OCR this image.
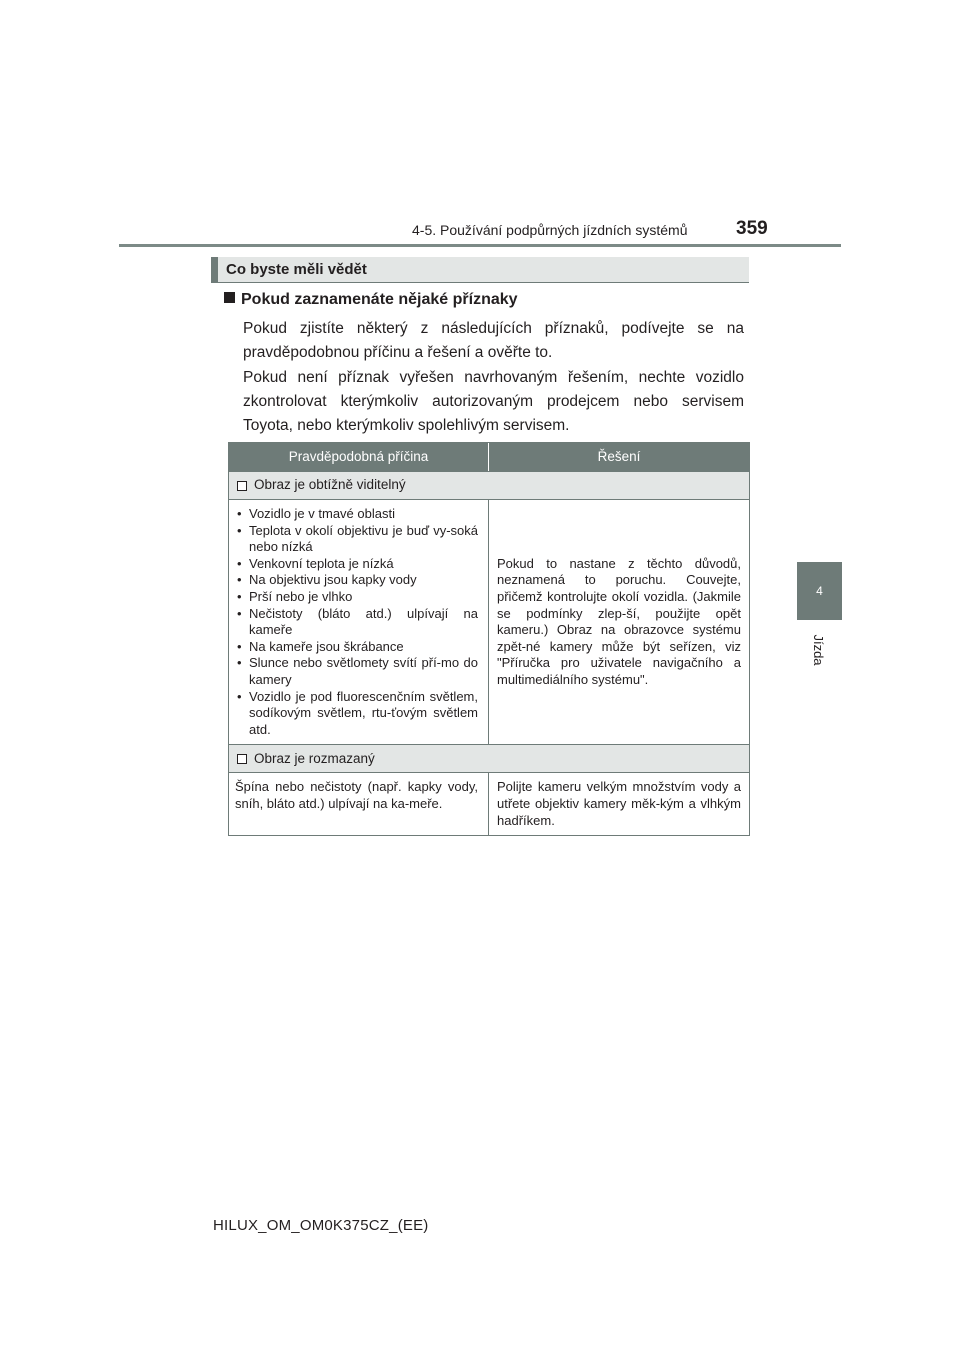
4-5. Používání podpůrných jízdních systémů	359
4
Jízda
Co byste měli vědět
Pokud zaznamenáte nějaké příznaky
Pokud zjistíte některý z následujících příznaků, podívejte se na pravděpodobnou příčinu a řešení a ověřte to.
Pokud není příznak vyřešen navrhovaným řešením, nechte vozidlo zkontrolovat kterýmkoliv autorizovaným prodejcem nebo servisem Toyota, nebo kterýmkoliv spolehlivým servisem.
Pravděpodobná příčina	Řešení
Obraz je obtížně viditelný
• Vozidlo je v tmavé oblasti
• Teplota v okolí objektivu je buď vy-soká nebo nízká
• Venkovní teplota je nízká
• Na objektivu jsou kapky vody
• Prší nebo je vlhko
• Nečistoty (bláto atd.) ulpívají na kameře
• Na kameře jsou škrábance
• Slunce nebo světlomety svítí pří-mo do kamery
• Vozidlo je pod fluorescenčním světlem, sodíkovým světlem, rtu-ťovým světlem atd.
Pokud to nastane z těchto důvodů, neznamená to poruchu. Couvejte, přičemž kontrolujte okolí vozidla. (Jakmile se podmínky zlep-ší, použijte opět kameru.) Obraz na obrazovce systému zpět-né kamery může být seřízen, viz "Příručka pro uživatele navigačního a multimediálního systému".
Obraz je rozmazaný
Špína nebo nečistoty (např. kapky vody, sníh, bláto atd.) ulpívají na ka-meře.
Polijte kameru velkým množstvím vody a utřete objektiv kamery měk-kým a vlhkým hadříkem.
HILUX_OM_OM0K375CZ_(EE)
